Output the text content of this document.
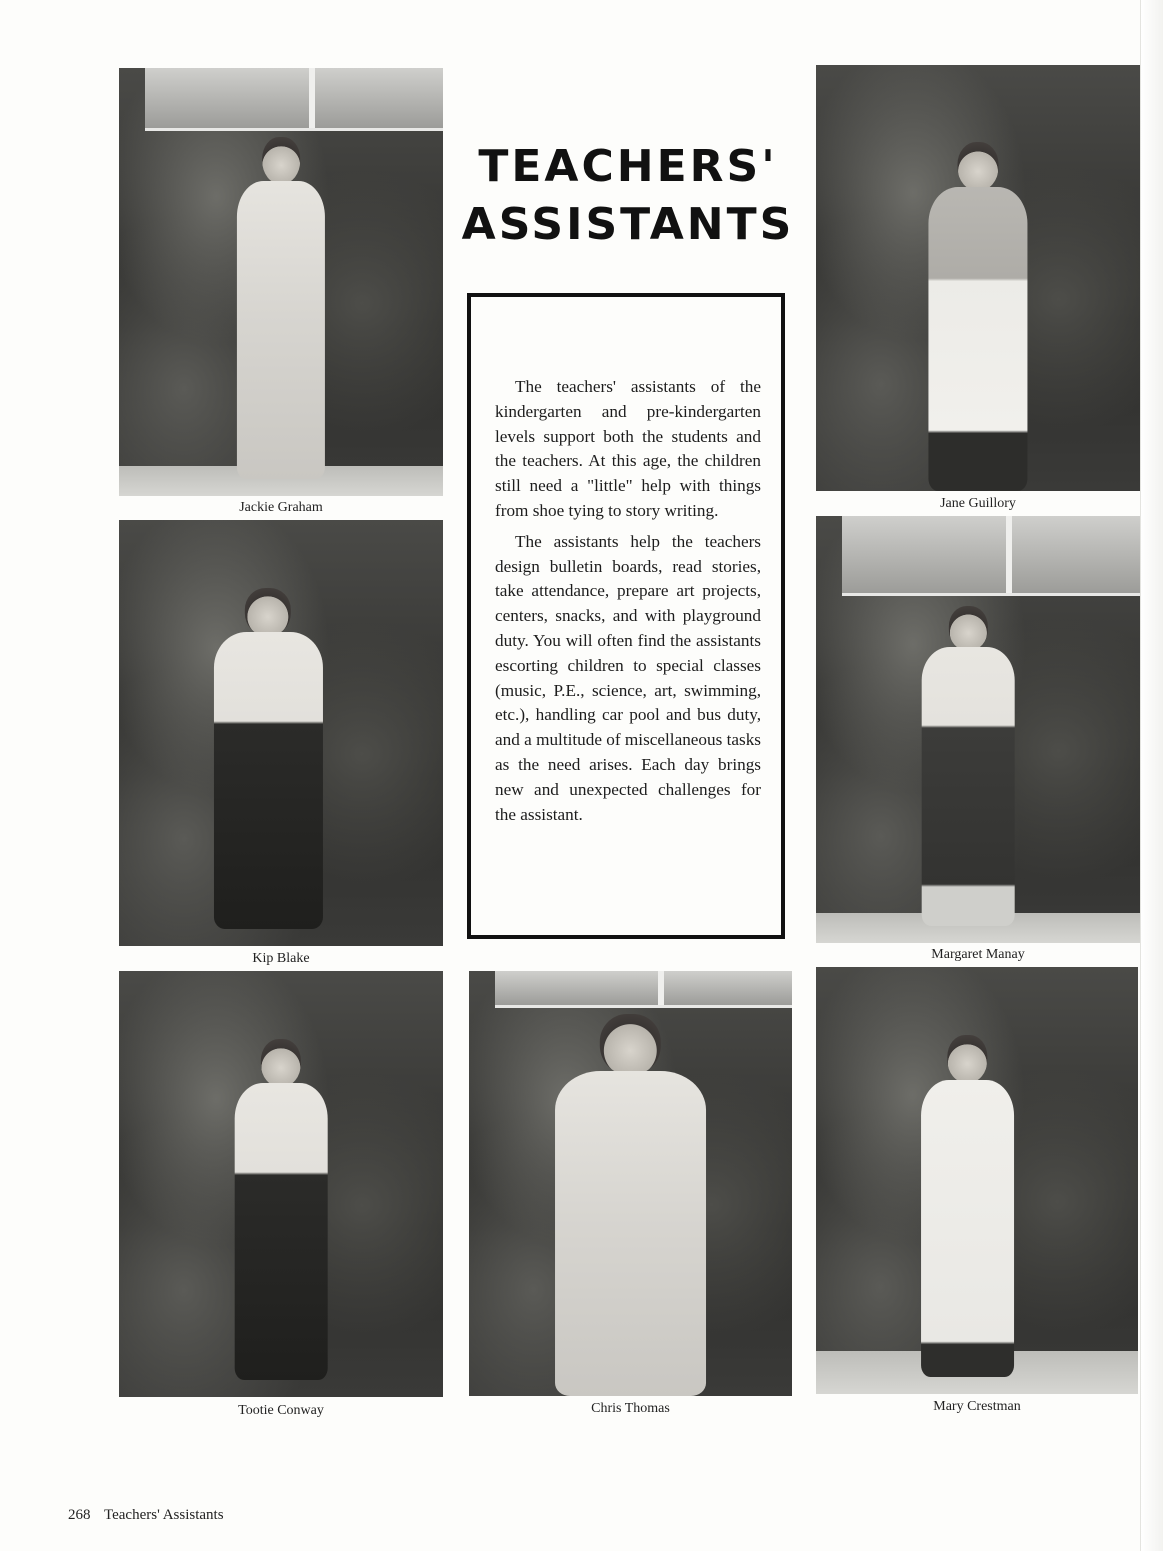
Jackie Graham
Kip Blake
Tootie Conway
TEACHERS'
ASSISTANTS

The teachers' assistants of the kindergarten and pre-kindergarten levels support both the students and the teachers. At this age, the children still need a "little" help with things from shoe tying to story writing.

The assistants help the teachers design bulletin boards, read stories, take attendance, prepare art projects, centers, snacks, and with playground duty. You will often find the assistants escorting children to special classes (music, P.E., science, art, swimming, etc.), handling car pool and bus duty, and a multitude of miscellaneous tasks as the need arises. Each day brings new and unexpected challenges for the assistant.

Chris Thomas
Jane Guillory
Margaret Manay
Mary Crestman
268 Teachers' Assistants
